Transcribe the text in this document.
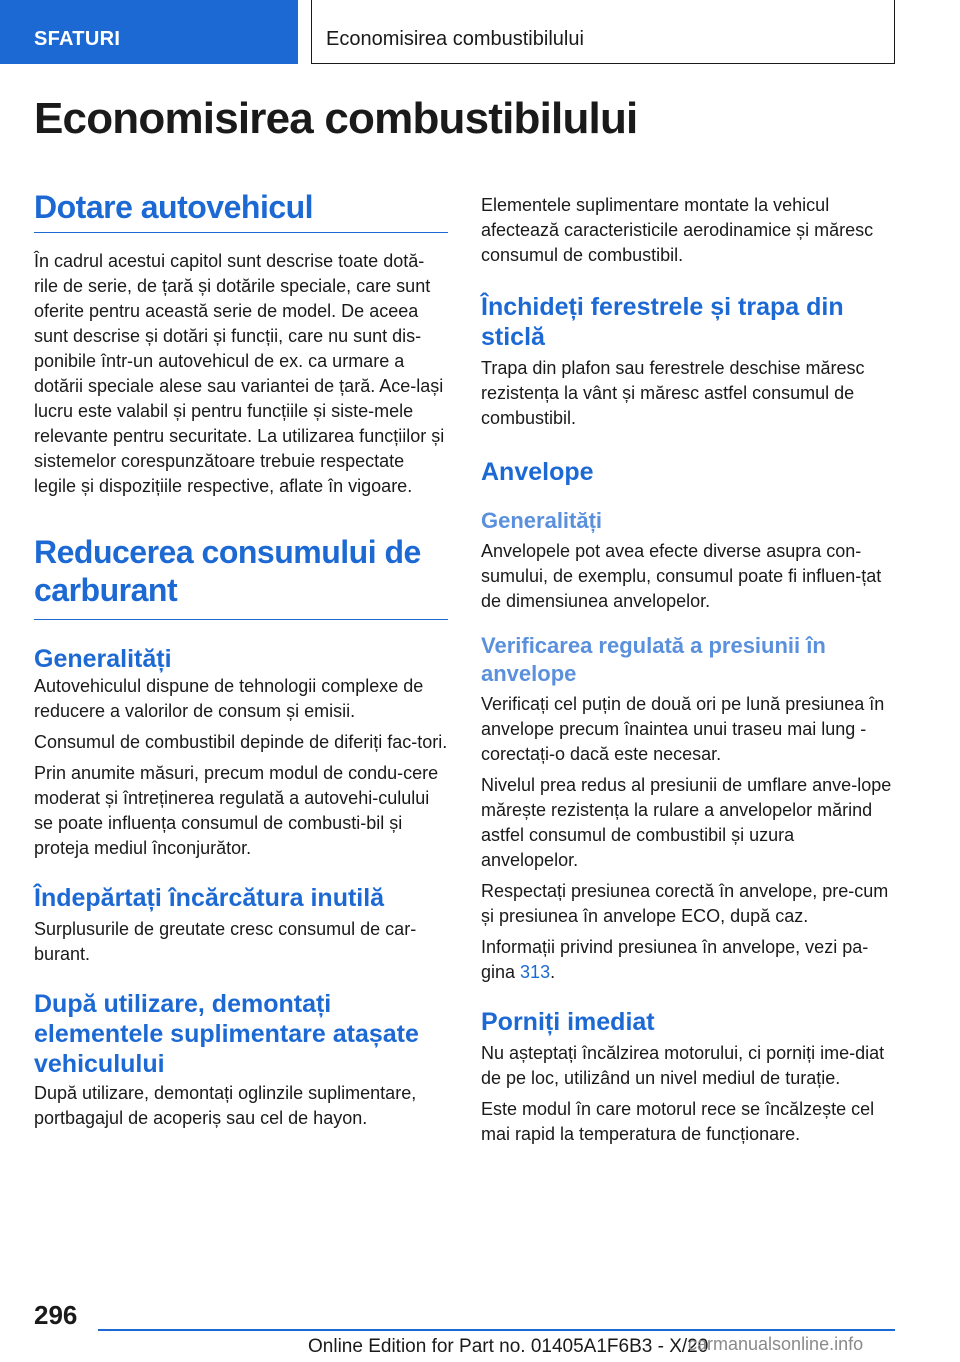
SFATURI	Economisirea combustibilului
Economisirea combustibilului
Dotare autovehicul

În cadrul acestui capitol sunt descrise toate dotă‐rile de serie, de țară și dotările speciale, care sunt oferite pentru această serie de model. De aceea sunt descrise și dotări și funcții, care nu sunt dis‐ponibile într-un autovehicul de ex. ca urmare a dotării speciale alese sau variantei de țară. Ace‐lași lucru este valabil și pentru funcțiile și siste‐mele relevante pentru securitate. La utilizarea funcțiilor și sistemelor corespunzătoare trebuie respectate legile și dispozițiile respective, aflate în vigoare.

Reducerea consumului de carburant
Generalități

Autovehiculul dispune de tehnologii complexe de reducere a valorilor de consum și emisii.

Consumul de combustibil depinde de diferiți fac‐tori.

Prin anumite măsuri, precum modul de condu‐cere moderat și întreținerea regulată a autovehi‐culului se poate influența consumul de combusti‐bil și proteja mediul înconjurător.

Îndepărtați încărcătura inutilă

Surplusurile de greutate cresc consumul de car‐burant.

După utilizare, demontați elementele suplimentare atașate vehiculului

După utilizare, demontați oglinzile suplimentare, portbagajul de acoperiș sau cel de hayon.

Elementele suplimentare montate la vehicul afectează caracteristicile aerodinamice și măresc consumul de combustibil.

Închideți ferestrele și trapa din sticlă

Trapa din plafon sau ferestrele deschise măresc rezistența la vânt și măresc astfel consumul de combustibil.

Anvelope
Generalități

Anvelopele pot avea efecte diverse asupra con‐sumului, de exemplu, consumul poate fi influen‐țat de dimensiunea anvelopelor.

Verificarea regulată a presiunii în anvelope

Verificați cel puțin de două ori pe lună presiunea în anvelope precum înaintea unui traseu mai lung - corectați-o dacă este necesar.

Nivelul prea redus al presiunii de umflare anve‐lope mărește rezistența la rulare a anvelopelor mărind astfel consumul de combustibil și uzura anvelopelor.

Respectați presiunea corectă în anvelope, pre‐cum și presiunea în anvelope ECO, după caz.

Informații privind presiunea în anvelope, vezi pa‐gina 313.

Porniți imediat

Nu așteptați încălzirea motorului, ci porniți ime‐diat de pe loc, utilizând un nivel mediul de turație.

Este modul în care motorul rece se încălzește cel mai rapid la temperatura de funcționare.

296
Online Edition for Part no. 01405A1F6B3 - X/20
carmanualsonline.info
